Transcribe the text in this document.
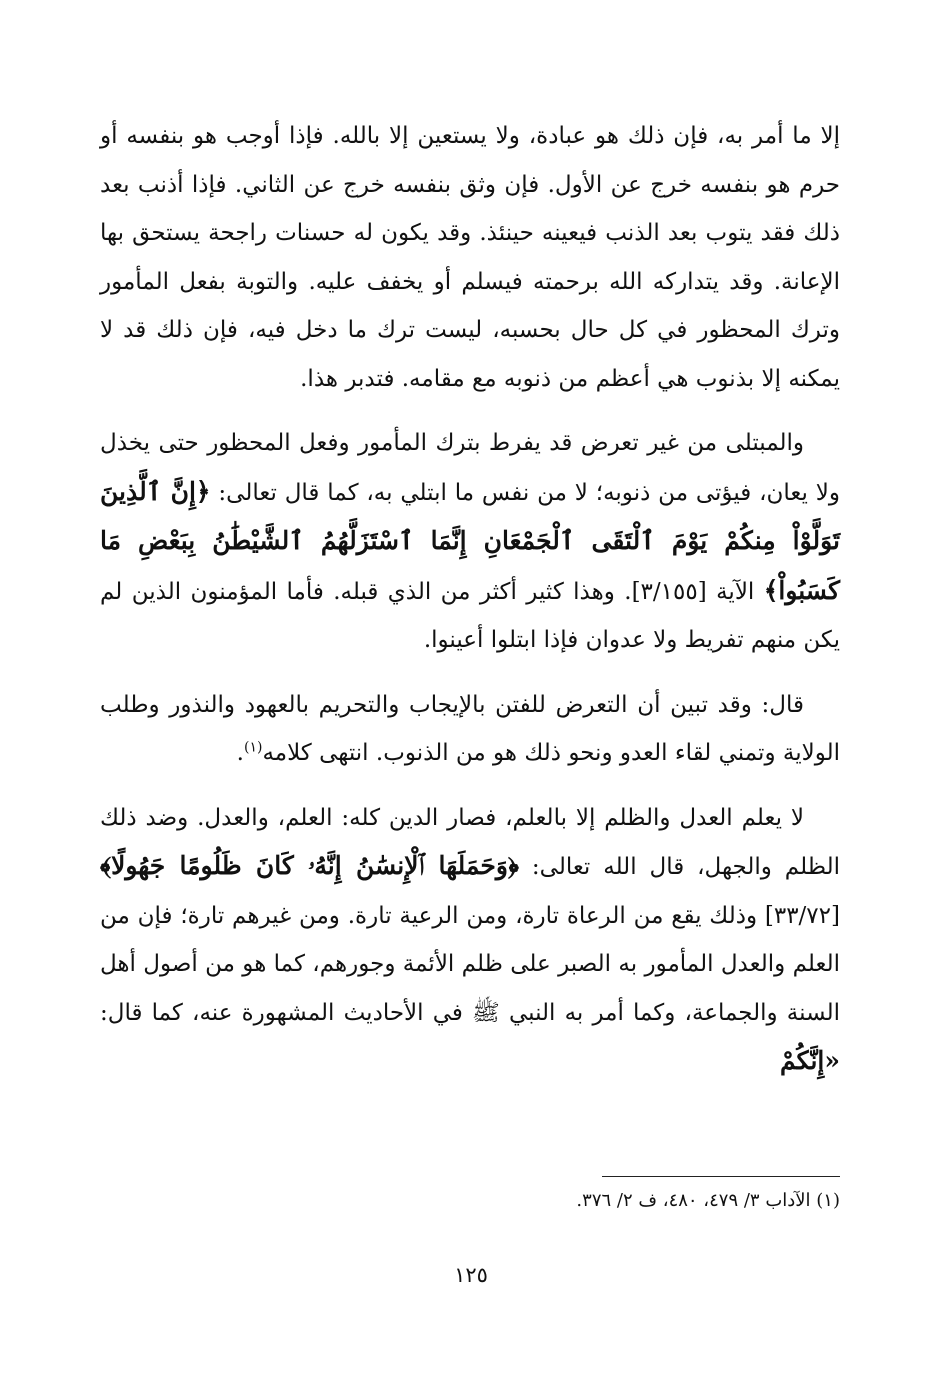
إلا ما أمر به، فإن ذلك هو عبادة، ولا يستعين إلا بالله. فإذا أوجب هو بنفسه أو حرم هو بنفسه خرج عن الأول. فإن وثق بنفسه خرج عن الثاني. فإذا أذنب بعد ذلك فقد يتوب بعد الذنب فيعينه حينئذ. وقد يكون له حسنات راجحة يستحق بها الإعانة. وقد يتداركه الله برحمته فيسلم أو يخفف عليه. والتوبة بفعل المأمور وترك المحظور في كل حال بحسبه، ليست ترك ما دخل فيه، فإن ذلك قد لا يمكنه إلا بذنوب هي أعظم من ذنوبه مع مقامه. فتدبر هذا.

والمبتلى من غير تعرض قد يفرط بترك المأمور وفعل المحظور حتى يخذل ولا يعان، فيؤتى من ذنوبه؛ لا من نفس ما ابتلي به، كما قال تعالى: ﴿إِنَّ ٱلَّذِينَ تَوَلَّوْاْ مِنكُمْ يَوْمَ ٱلْتَقَى ٱلْجَمْعَانِ إِنَّمَا ٱسْتَزَلَّهُمُ ٱلشَّيْطَٰنُ بِبَعْضِ مَا كَسَبُواْ﴾ الآية [٣/١٥٥]. وهذا كثير أكثر من الذي قبله. فأما المؤمنون الذين لم يكن منهم تفريط ولا عدوان فإذا ابتلوا أعينوا.

قال: وقد تبين أن التعرض للفتن بالإيجاب والتحريم بالعهود والنذور وطلب الولاية وتمني لقاء العدو ونحو ذلك هو من الذنوب. انتهى كلامه$^{(١)}$.

لا يعلم العدل والظلم إلا بالعلم، فصار الدين كله: العلم، والعدل. وضد ذلك الظلم والجهل، قال الله تعالى: ﴿وَحَمَلَهَا ٱلْإِنسَٰنُ إِنَّهُۥ كَانَ ظَلُومًا جَهُولًا﴾ [٣٣/٧٢] وذلك يقع من الرعاة تارة، ومن الرعية تارة. ومن غيرهم تارة؛ فإن من العلم والعدل المأمور به الصبر على ظلم الأئمة وجورهم، كما هو من أصول أهل السنة والجماعة، وكما أمر به النبي ﷺ في الأحاديث المشهورة عنه، كما قال: «إِنَّكُمْ

(١) الآداب ٣/ ٤٧٩، ٤٨٠، ف ٢/ ٣٧٦.

١٢٥
